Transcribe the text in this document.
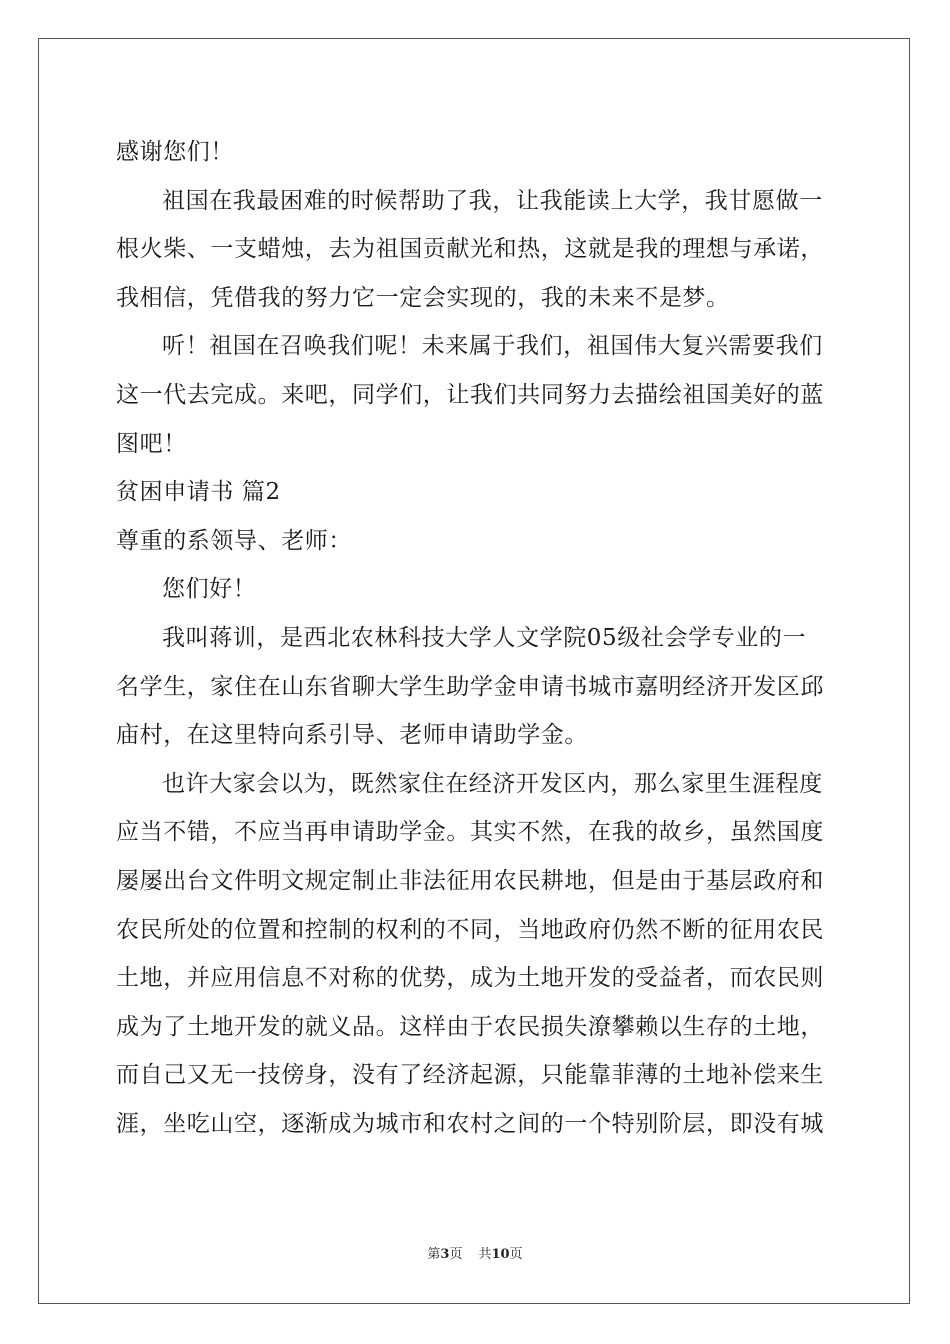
感谢您们！
祖国在我最困难的时候帮助了我，让我能读上大学，我甘愿做一
根火柴、一支蜡烛，去为祖国贡献光和热，这就是我的理想与承诺，
我相信，凭借我的努力它一定会实现的，我的未来不是梦。
听！祖国在召唤我们呢！未来属于我们，祖国伟大复兴需要我们
这一代去完成。来吧，同学们，让我们共同努力去描绘祖国美好的蓝
图吧！
贫困申请书 篇2
尊重的系领导、老师：
您们好！
我叫蒋训，是西北农林科技大学人文学院05级社会学专业的一
名学生，家住在山东省聊大学生助学金申请书城市嘉明经济开发区邱
庙村，在这里特向系引导、老师申请助学金。
也许大家会以为，既然家住在经济开发区内，那么家里生涯程度
应当不错，不应当再申请助学金。其实不然，在我的故乡，虽然国度
屡屡出台文件明文规定制止非法征用农民耕地，但是由于基层政府和
农民所处的位置和控制的权利的不同，当地政府仍然不断的征用农民
土地，并应用信息不对称的优势，成为土地开发的受益者，而农民则
成为了土地开发的就义品。这样由于农民损失潦攀赖以生存的土地，
而自己又无一技傍身，没有了经济起源，只能靠菲薄的土地补偿来生
涯，坐吃山空，逐渐成为城市和农村之间的一个特别阶层，即没有城
第3页 共10页
